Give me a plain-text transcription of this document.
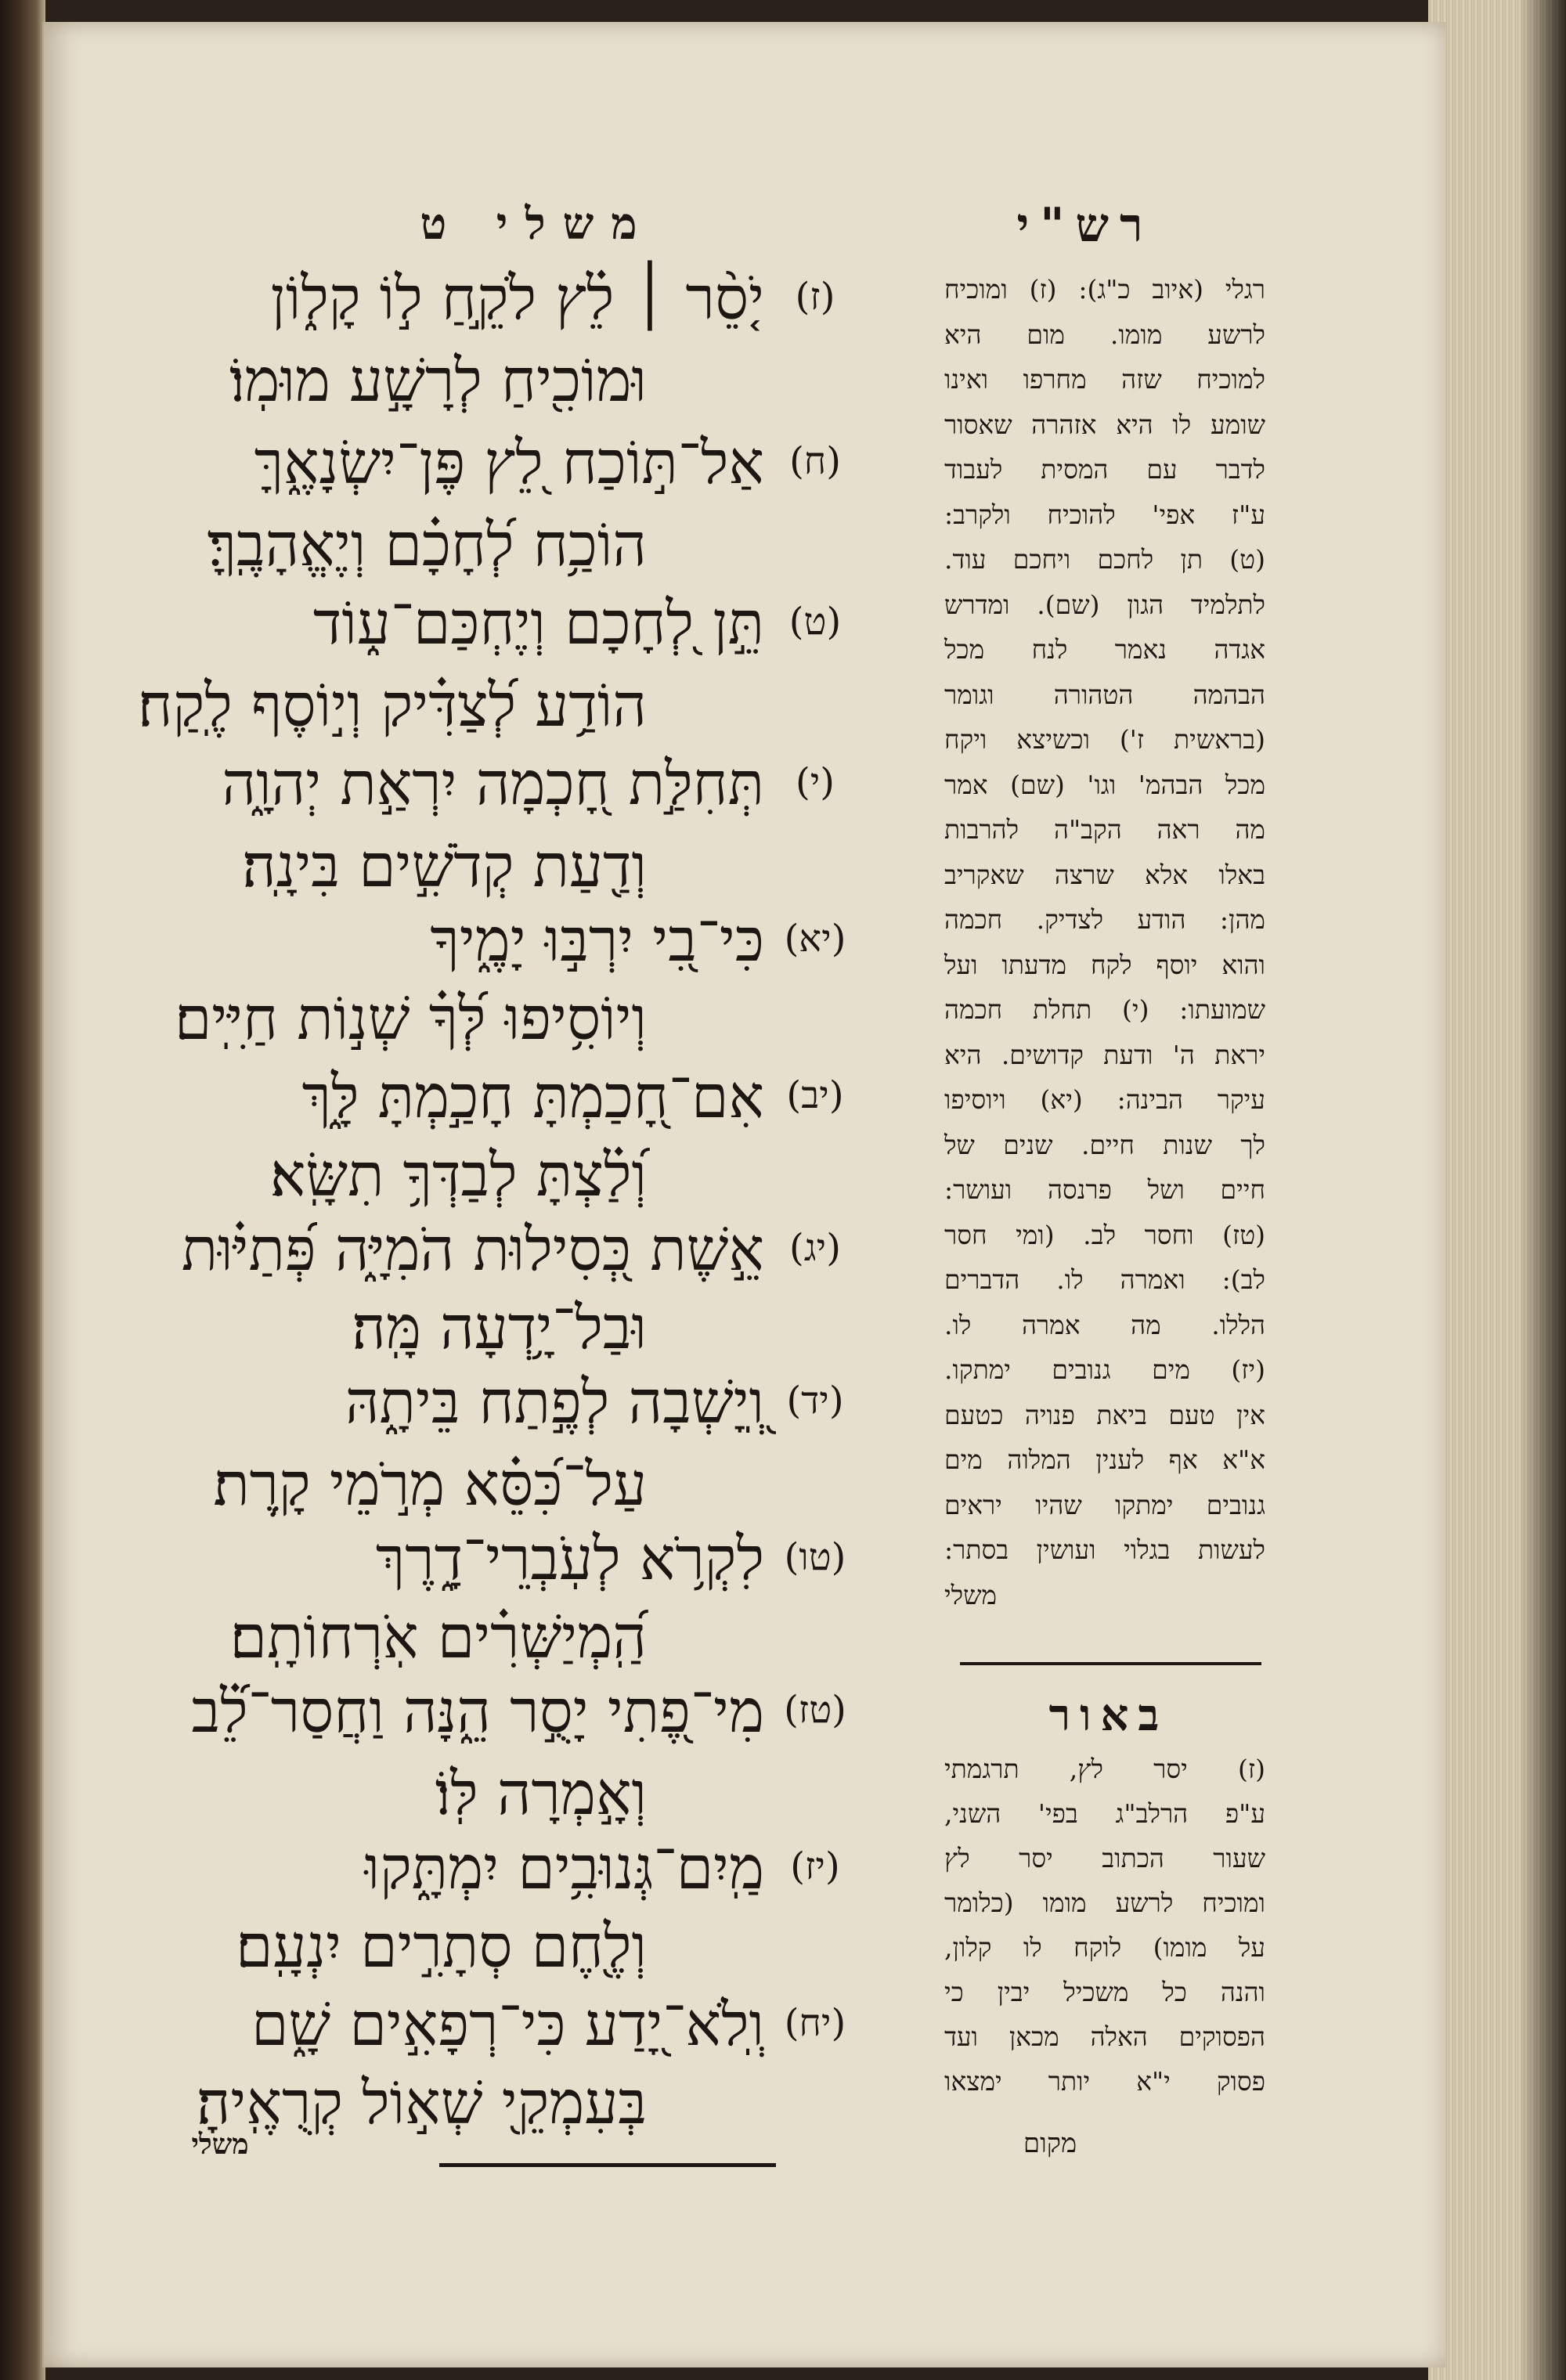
משלי ט	רש"י
(ז)
יֹ֤סֵ֨ר ׀ לֵ֗ץ לֹקֵ֣חַ ל֣וֹ קָל֑וֹן
וּמוֹכִ֖יחַ לְרָשָׁ֣ע מוּמֽוֹ׃
(ח)
אַל־תּ֣וֹכַח לֵ֭ץ פֶּן־יִשְׂנָאֶ֑ךָּ
הוֹכַ֥ח לְ֝חָכָ֗ם וְיֶאֱהָבֶֽךָּ׃
(ט)
תֵּ֣ן לְ֭חָכָם וְיֶחְכַּם־ע֑וֹד
הוֹדַ֥ע לְ֝צַדִּ֗יק וְי֣וֹסֶף לֶֽקַח׃
(י)
תְּחִלַּ֣ת חָ֭כְמָה יִרְאַ֣ת יְהוָ֑ה
וְדַ֖עַת קְדֹשִׁ֣ים בִּינָֽה׃
(יא)
כִּי־בִ֭י יִרְבּ֣וּ יָמֶ֑יךָ
וְיוֹסִ֥יפוּ לְּ֝ךָ֗ שְׁנ֣וֹת חַיִּֽים׃
(יב)
אִם־חָ֭כַמְתָּ חָכַ֣מְתָּ לָּ֑ךְ
וְ֝לַ֗צְתָּ לְבַדְּךָ֥ תִשָּֽׂא׃
(יג)
אֵ֣שֶׁת כְּ֭סִילוּת הֹמִיָּ֑ה פְּ֝תַיּ֗וּת
וּבַל־יָ֥דְעָה מָּֽה׃
(יד)
וְֽ֭יָשְׁבָה לְפֶ֣תַח בֵּיתָ֑הּ
עַל־כִּ֝סֵּ֗א מְרֹ֣מֵי קָֽרֶת׃
(טו)
לִקְרֹ֥א לְעֹֽבְרֵי־דָ֑רֶךְ
הַֽ֝מְיַשְּׁרִ֗ים אֹֽרְחוֹתָֽם׃
(טז)
מִי־פֶ֭תִי יָסֻ֣ר הֵ֑נָּה וַחֲסַר־לֵ֝֗ב
וְאָ֣מְרָה לּֽוֹ׃
(יז)
מַֽיִם־גְּנוּבִ֥ים יִמְתָּ֑קוּ
וְלֶ֖חֶם סְתָרִ֣ים יִנְעָֽם׃
(יח)
וְֽלֹא־יָ֭דַע כִּי־רְפָאִ֣ים שָׁ֑ם
בְּעִמְקֵ֖י שְׁא֣וֹל קְרֻאֶֽיהָ׃
רגלי (איוב כ"ג): (ז) ומוכיח
לרשע מומו. מום היא
למוכיח שזה מחרפו ואינו
שומע לו היא אזהרה שאסור
לדבר עם המסית לעבוד
ע"ז אפי' להוכיח ולקרב:
(ט) תן לחכם ויחכם עוד.
לתלמיד הגון (שם). ומדרש
אגדה נאמר לנח מכל
הבהמה הטהורה וגומר
(בראשית ז') וכשיצא ויקח
מכל הבהמ' וגו' (שם) אמר
מה ראה הקב"ה להרבות
באלו אלא שרצה שאקריב
מהן: הודע לצדיק. חכמה
והוא יוסף לקח מדעתו ועל
שמועתו: (י) תחלת חכמה
יראת ה' ודעת קדושים. היא
עיקר הבינה: (יא) ויוסיפו
לך שנות חיים. שנים של
חיים ושל פרנסה ועושר:
(טז) וחסר לב. (ומי חסר
לב): ואמרה לו. הדברים
הללו. מה אמרה לו.
(יז) מים גנובים ימתקו.
אין טעם ביאת פנויה כטעם
א"א אף לענין המלוה מים
גנובים ימתקו שהיו יראים
לעשות בגלוי ועושין בסתר:
משלי
באור
(ז) יסר לץ, תרגמתי
ע"פ הרלב"ג בפי' השני,
שעור הכתוב יסר לץ
ומוכיח לרשע מומו (כלומר
על מומו) לוקח לו קלון,
והנה כל משכיל יבין כי
הפסוקים האלה מכאן ועד
פסוק י"א יותר ימצאו
משלי	מקום
